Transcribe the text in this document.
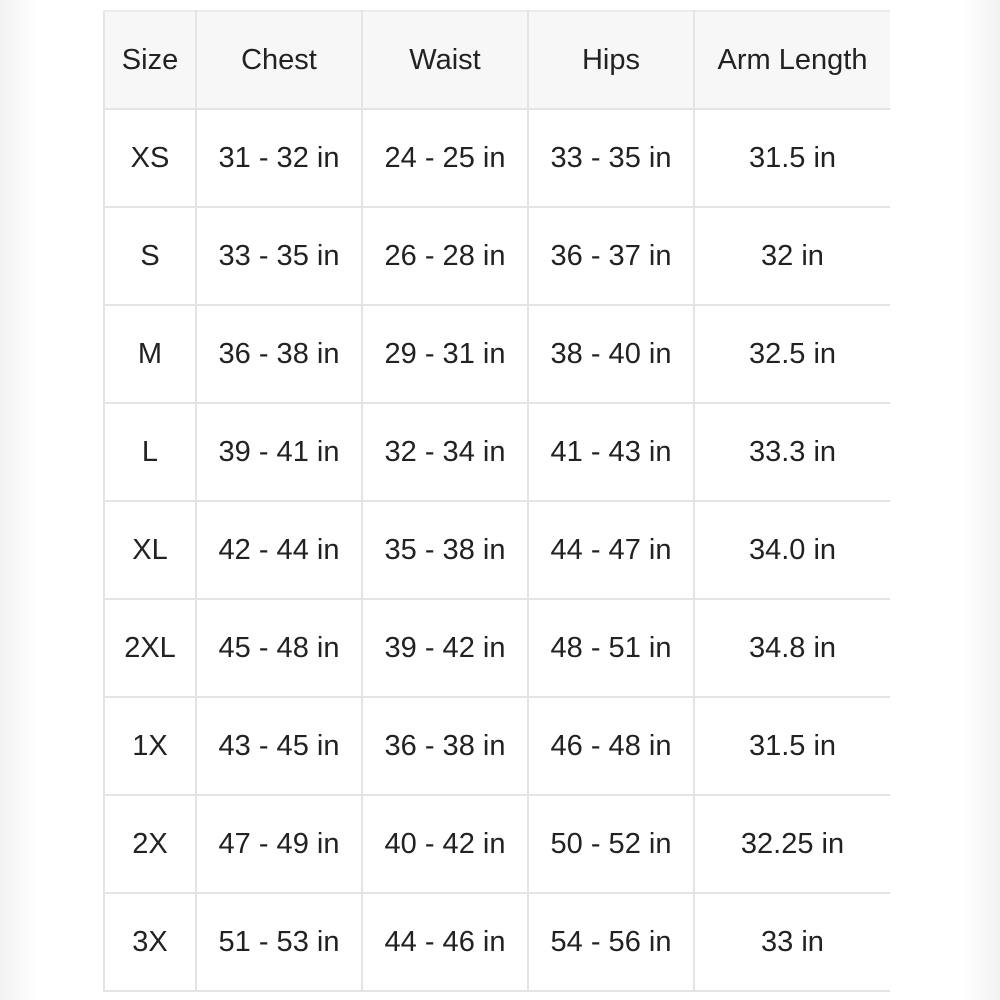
Size	Chest	Waist	Hips	Arm Length
XS	31 - 32 in	24 - 25 in	33 - 35 in	31.5 in
S	33 - 35 in	26 - 28 in	36 - 37 in	32 in
M	36 - 38 in	29 - 31 in	38 - 40 in	32.5 in
L	39 - 41 in	32 - 34 in	41 - 43 in	33.3 in
XL	42 - 44 in	35 - 38 in	44 - 47 in	34.0 in
2XL	45 - 48 in	39 - 42 in	48 - 51 in	34.8 in
1X	43 - 45 in	36 - 38 in	46 - 48 in	31.5 in
2X	47 - 49 in	40 - 42 in	50 - 52 in	32.25 in
3X	51 - 53 in	44 - 46 in	54 - 56 in	33 in
